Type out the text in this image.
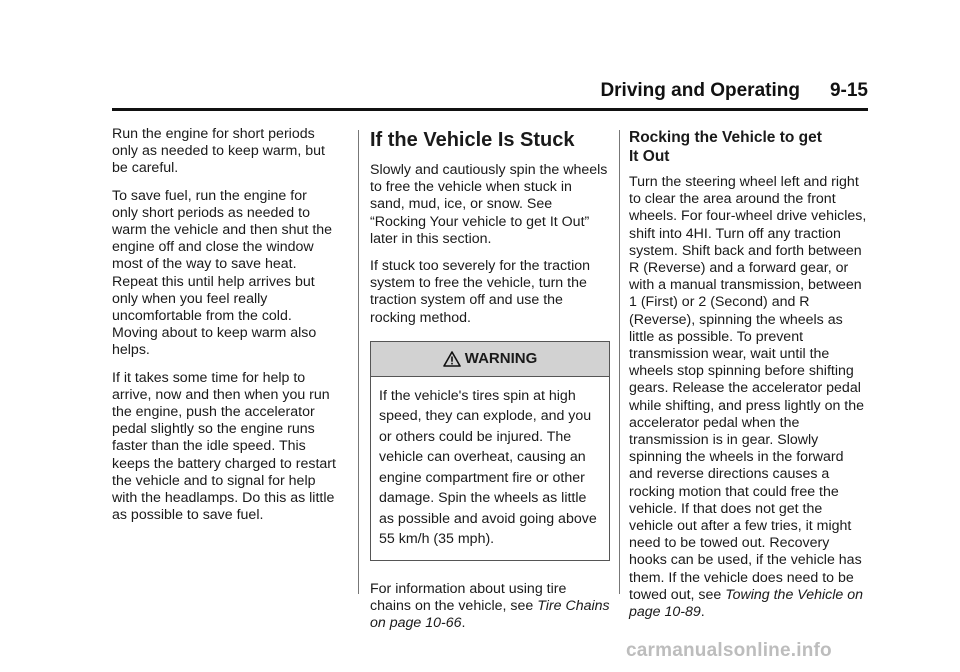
Driving and Operating 9-15

Run the engine for short periods only as needed to keep warm, but be careful.

To save fuel, run the engine for only short periods as needed to warm the vehicle and then shut the engine off and close the window most of the way to save heat. Repeat this until help arrives but only when you feel really uncomfortable from the cold. Moving about to keep warm also helps.

If it takes some time for help to arrive, now and then when you run the engine, push the accelerator pedal slightly so the engine runs faster than the idle speed. This keeps the battery charged to restart the vehicle and to signal for help with the headlamps. Do this as little as possible to save fuel.

If the Vehicle Is Stuck

Slowly and cautiously spin the wheels to free the vehicle when stuck in sand, mud, ice, or snow. See “Rocking Your vehicle to get It Out” later in this section.

If stuck too severely for the traction system to free the vehicle, turn the traction system off and use the rocking method.

WARNING
If the vehicle's tires spin at high speed, they can explode, and you or others could be injured. The vehicle can overheat, causing an engine compartment fire or other damage. Spin the wheels as little as possible and avoid going above 55 km/h (35 mph).

For information about using tire chains on the vehicle, see Tire Chains on page 10-66.

Rocking the Vehicle to get
It Out

Turn the steering wheel left and right to clear the area around the front wheels. For four-wheel drive vehicles, shift into 4HI. Turn off any traction system. Shift back and forth between R (Reverse) and a forward gear, or with a manual transmission, between 1 (First) or 2 (Second) and R (Reverse), spinning the wheels as little as possible. To prevent transmission wear, wait until the wheels stop spinning before shifting gears. Release the accelerator pedal while shifting, and press lightly on the accelerator pedal when the transmission is in gear. Slowly spinning the wheels in the forward and reverse directions causes a rocking motion that could free the vehicle. If that does not get the vehicle out after a few tries, it might need to be towed out. Recovery hooks can be used, if the vehicle has them. If the vehicle does need to be towed out, see Towing the Vehicle on page 10-89.

carmanualsonline.info
